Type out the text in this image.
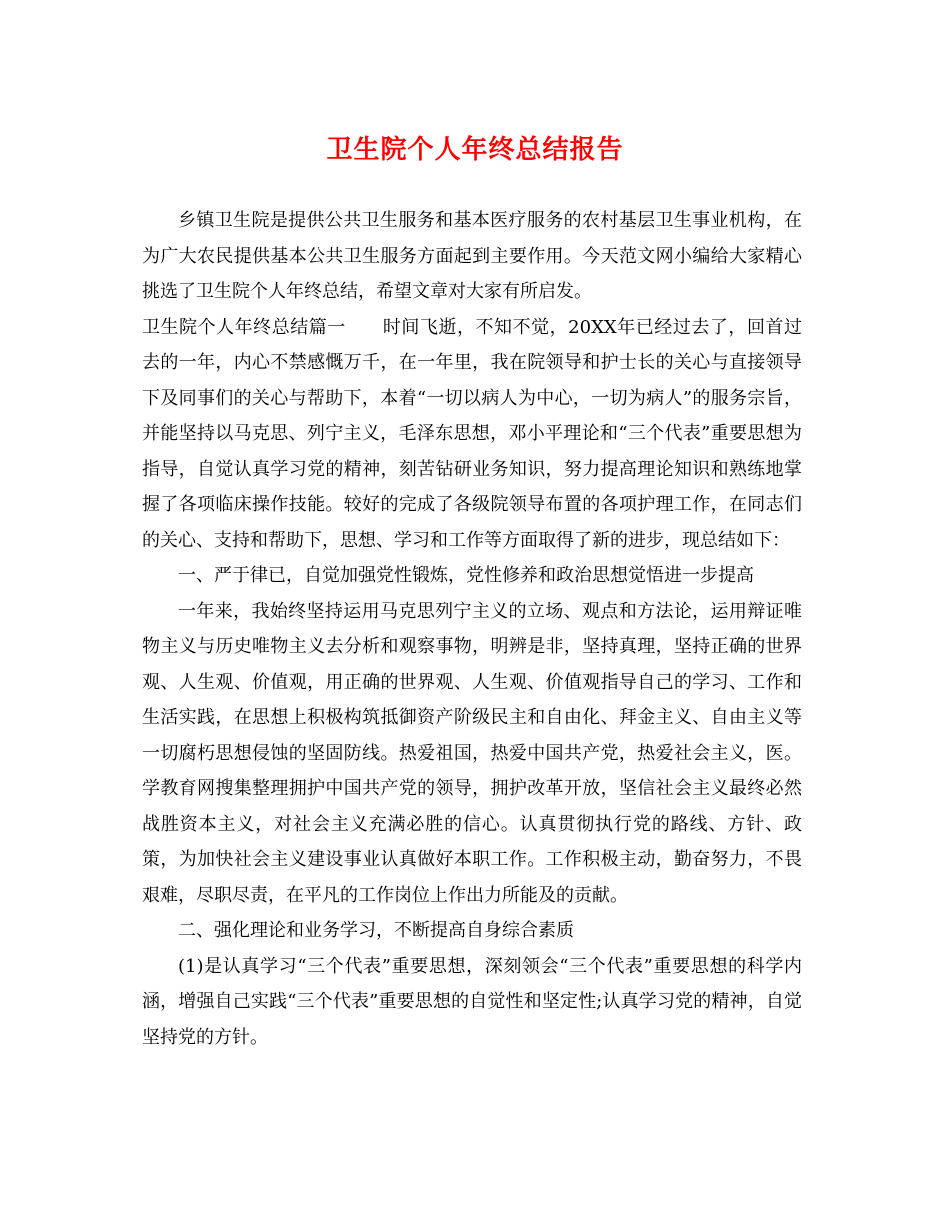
卫生院个人年终总结报告

乡镇卫生院是提供公共卫生服务和基本医疗服务的农村基层卫生事业机构，在为广大农民提供基本公共卫生服务方面起到主要作用。今天范文网小编给大家精心挑选了卫生院个人年终总结，希望文章对大家有所启发。

卫生院个人年终总结篇一　　时间飞逝，不知不觉，20XX年已经过去了，回首过去的一年，内心不禁感慨万千，在一年里，我在院领导和护士长的关心与直接领导下及同事们的关心与帮助下，本着“一切以病人为中心，一切为病人”的服务宗旨，并能坚持以马克思、列宁主义，毛泽东思想，邓小平理论和“三个代表”重要思想为指导，自觉认真学习党的精神，刻苦钻研业务知识，努力提高理论知识和熟练地掌握了各项临床操作技能。较好的完成了各级院领导布置的各项护理工作，在同志们的关心、支持和帮助下，思想、学习和工作等方面取得了新的进步，现总结如下：

一、严于律已，自觉加强党性锻炼，党性修养和政治思想觉悟进一步提高

一年来，我始终坚持运用马克思列宁主义的立场、观点和方法论，运用辩证唯物主义与历史唯物主义去分析和观察事物，明辨是非，坚持真理，坚持正确的世界观、人生观、价值观，用正确的世界观、人生观、价值观指导自己的学习、工作和生活实践，在思想上积极构筑抵御资产阶级民主和自由化、拜金主义、自由主义等一切腐朽思想侵蚀的坚固防线。热爱祖国，热爱中国共产党，热爱社会主义，医。学教育网搜集整理拥护中国共产党的领导，拥护改革开放，坚信社会主义最终必然战胜资本主义，对社会主义充满必胜的信心。认真贯彻执行党的路线、方针、政策，为加快社会主义建设事业认真做好本职工作。工作积极主动，勤奋努力，不畏艰难，尽职尽责，在平凡的工作岗位上作出力所能及的贡献。

二、强化理论和业务学习，不断提高自身综合素质

(1)是认真学习“三个代表”重要思想，深刻领会“三个代表”重要思想的科学内涵，增强自己实践“三个代表”重要思想的自觉性和坚定性;认真学习党的精神，自觉坚持党的方针。
